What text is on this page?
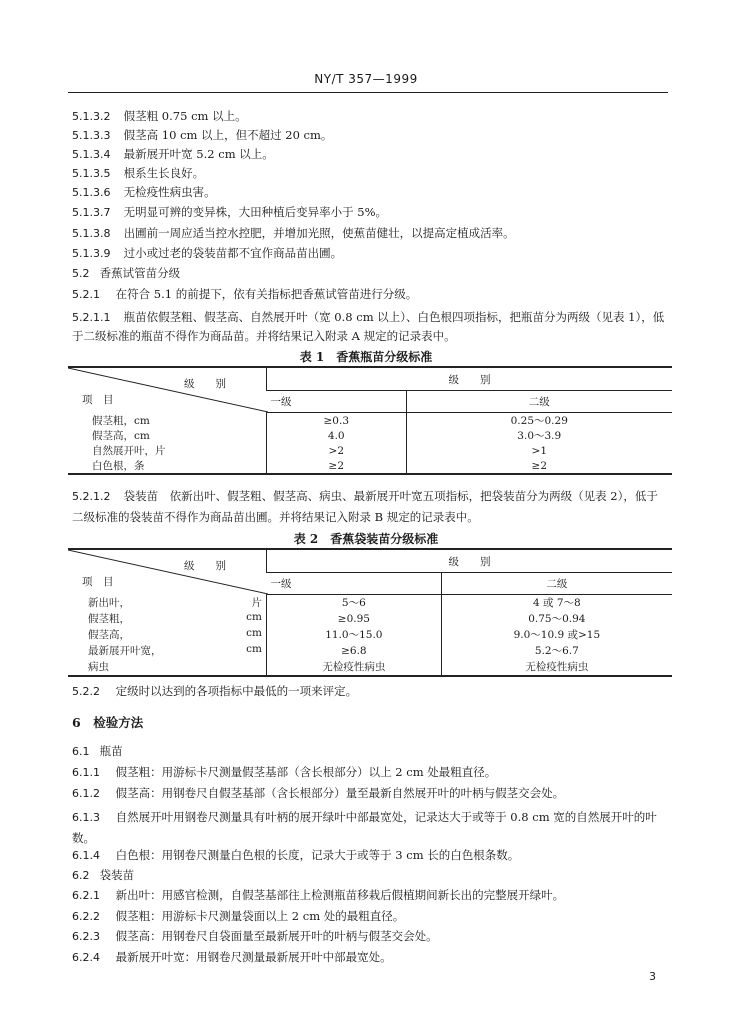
NY/T 357—1999
5.1.3.2 假茎粗 0.75 cm 以上。
5.1.3.3 假茎高 10 cm 以上，但不超过 20 cm。
5.1.3.4 最新展开叶宽 5.2 cm 以上。
5.1.3.5 根系生长良好。
5.1.3.6 无检疫性病虫害。
5.1.3.7 无明显可辨的变异株，大田种植后变异率小于 5%。
5.1.3.8 出圃前一周应适当控水控肥，并增加光照，使蕉苗健壮，以提高定植成活率。
5.1.3.9 过小或过老的袋装苗都不宜作商品苗出圃。
5.2 香蕉试管苗分级
5.2.1 在符合 5.1 的前提下，依有关指标把香蕉试管苗进行分级。
5.2.1.1 瓶苗依假茎粗、假茎高、自然展开叶（宽 0.8 cm 以上）、白色根四项指标，把瓶苗分为两级（见表 1），低于二级标准的瓶苗不得作为商品苗。并将结果记入附录 A 规定的记录表中。
表 1　香蕉瓶苗分级标准
级　　别
项　目	级　　别	
	一级	二级
假茎粗，cm	≥0.3	0.25～0.29
假茎高，cm	4.0	3.0～3.9
自然展开叶，片	>2	>1
白色根，条	≥2	≥2
5.2.1.2 袋装苗　依新出叶、假茎粗、假茎高、病虫、最新展开叶宽五项指标，把袋装苗分为两级（见表 2），低于二级标准的袋装苗不得作为商品苗出圃。并将结果记入附录 B 规定的记录表中。
表 2　香蕉袋装苗分级标准
级　　别
项　目	级　　别	
	一级	二级
新出叶， 片	5～6	4 或 7～8
假茎粗， cm	≥0.95	0.75～0.94
假茎高， cm	11.0～15.0	9.0～10.9 或>15
最新展开叶宽， cm	≥6.8	5.2～6.7
病虫	无检疫性病虫	无检疫性病虫
5.2.2 定级时以达到的各项指标中最低的一项来评定。
6　 检验方法
6.1 瓶苗
6.1.1 假茎粗：用游标卡尺测量假茎基部（含长根部分）以上 2 cm 处最粗直径。
6.1.2 假茎高：用钢卷尺自假茎基部（含长根部分）量至最新自然展开叶的叶柄与假茎交会处。
6.1.3 自然展开叶用钢卷尺测量具有叶柄的展开绿叶中部最宽处，记录达大于或等于 0.8 cm 宽的自然展开叶的叶数。
6.1.4 白色根：用钢卷尺测量白色根的长度，记录大于或等于 3 cm 长的白色根条数。
6.2 袋装苗
6.2.1 新出叶：用感官检测，自假茎基部往上检测瓶苗移栽后假植期间新长出的完整展开绿叶。
6.2.2 假茎粗：用游标卡尺测量袋面以上 2 cm 处的最粗直径。
6.2.3 假茎高：用钢卷尺自袋面量至最新展开叶的叶柄与假茎交会处。
6.2.4 最新展开叶宽：用钢卷尺测量最新展开叶中部最宽处。
3
